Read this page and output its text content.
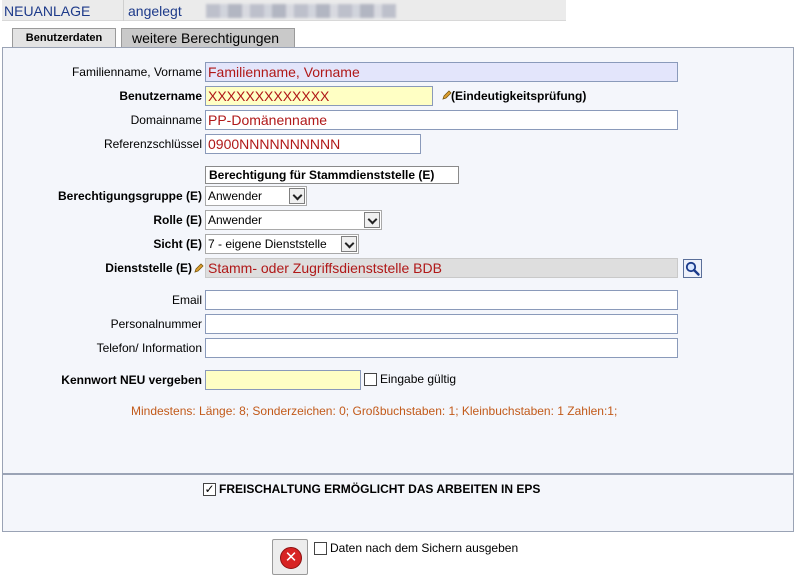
NEUANLAGE	angelegt
Benutzerdaten	weitere Berechtigungen
Familienname, Vorname Familienname, Vorname
Benutzername XXXXXXXXXXXXX	(Eindeutigkeitsprüfung)
Domainname PP-Domänenname
Referenzschlüssel 0900NNNNNNNNNN
Berechtigung für Stammdienststelle (E)
Berechtigungsgruppe (E) Anwender
Rolle (E) Anwender
Sicht (E) 7 - eigene Dienststelle
Dienststelle (E) Stamm- oder Zugriffsdienststelle BDB
Email
Personalnummer
Telefon/ Information
Kennwort NEU vergeben	Eingabe gültig
Mindestens: Länge: 8; Sonderzeichen: 0; Großbuchstaben: 1; Kleinbuchstaben: 1 Zahlen:1;
✓ FREISCHALTUNG ERMÖGLICHT DAS ARBEITEN IN EPS
✕
Daten nach dem Sichern ausgeben
